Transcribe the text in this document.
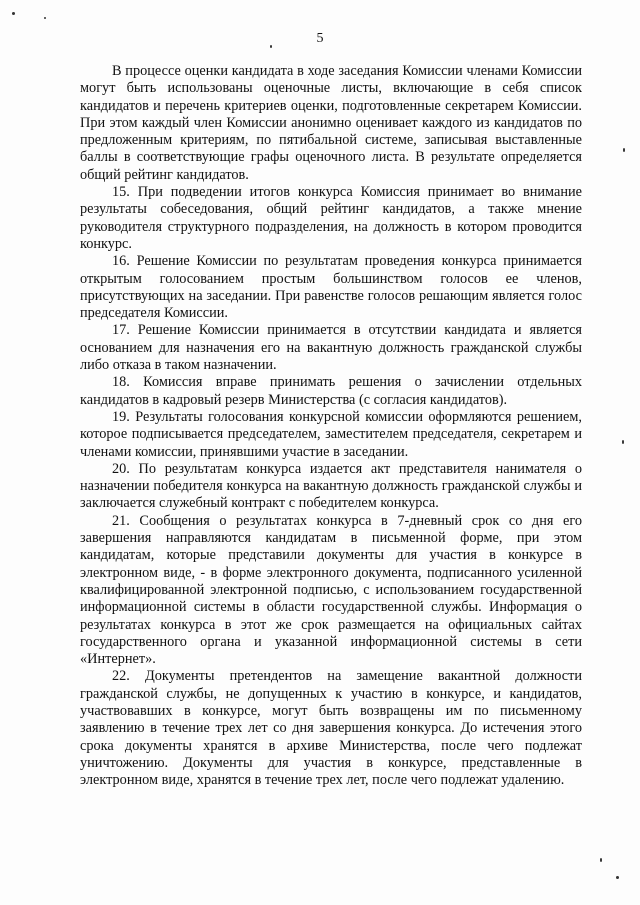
5

В процессе оценки кандидата в ходе заседания Комиссии членами Комиссии могут быть использованы оценочные листы, включающие в себя список кандидатов и перечень критериев оценки, подготовленные секретарем Комиссии. При этом каждый член Комиссии анонимно оценивает каждого из кандидатов по предложенным критериям, по пятибальной системе, записывая выставленные баллы в соответствующие графы оценочного листа. В результате определяется общий рейтинг кандидатов.

15. При подведении итогов конкурса Комиссия принимает во внимание результаты собеседования, общий рейтинг кандидатов, а также мнение руководителя структурного подразделения, на должность в котором проводится конкурс.

16. Решение Комиссии по результатам проведения конкурса принимается открытым голосованием простым большинством голосов ее членов, присутствующих на заседании. При равенстве голосов решающим является голос председателя Комиссии.

17. Решение Комиссии принимается в отсутствии кандидата и является основанием для назначения его на вакантную должность гражданской службы либо отказа в таком назначении.

18. Комиссия вправе принимать решения о зачислении отдельных кандидатов в кадровый резерв Министерства (с согласия кандидатов).

19. Результаты голосования конкурсной комиссии оформляются решением, которое подписывается председателем, заместителем председателя, секретарем и членами комиссии, принявшими участие в заседании.

20. По результатам конкурса издается акт представителя нанимателя о назначении победителя конкурса на вакантную должность гражданской службы и заключается служебный контракт с победителем конкурса.

21. Сообщения о результатах конкурса в 7-дневный срок со дня его завершения направляются кандидатам в письменной форме, при этом кандидатам, которые представили документы для участия в конкурсе в электронном виде, - в форме электронного документа, подписанного усиленной квалифицированной электронной подписью, с использованием государственной информационной системы в области государственной службы. Информация о результатах конкурса в этот же срок размещается на официальных сайтах государственного органа и указанной информационной системы в сети «Интернет».

22. Документы претендентов на замещение вакантной должности гражданской службы, не допущенных к участию в конкурсе, и кандидатов, участвовавших в конкурсе, могут быть возвращены им по письменному заявлению в течение трех лет со дня завершения конкурса. До истечения этого срока документы хранятся в архиве Министерства, после чего подлежат уничтожению. Документы для участия в конкурсе, представленные в электронном виде, хранятся в течение трех лет, после чего подлежат удалению.
